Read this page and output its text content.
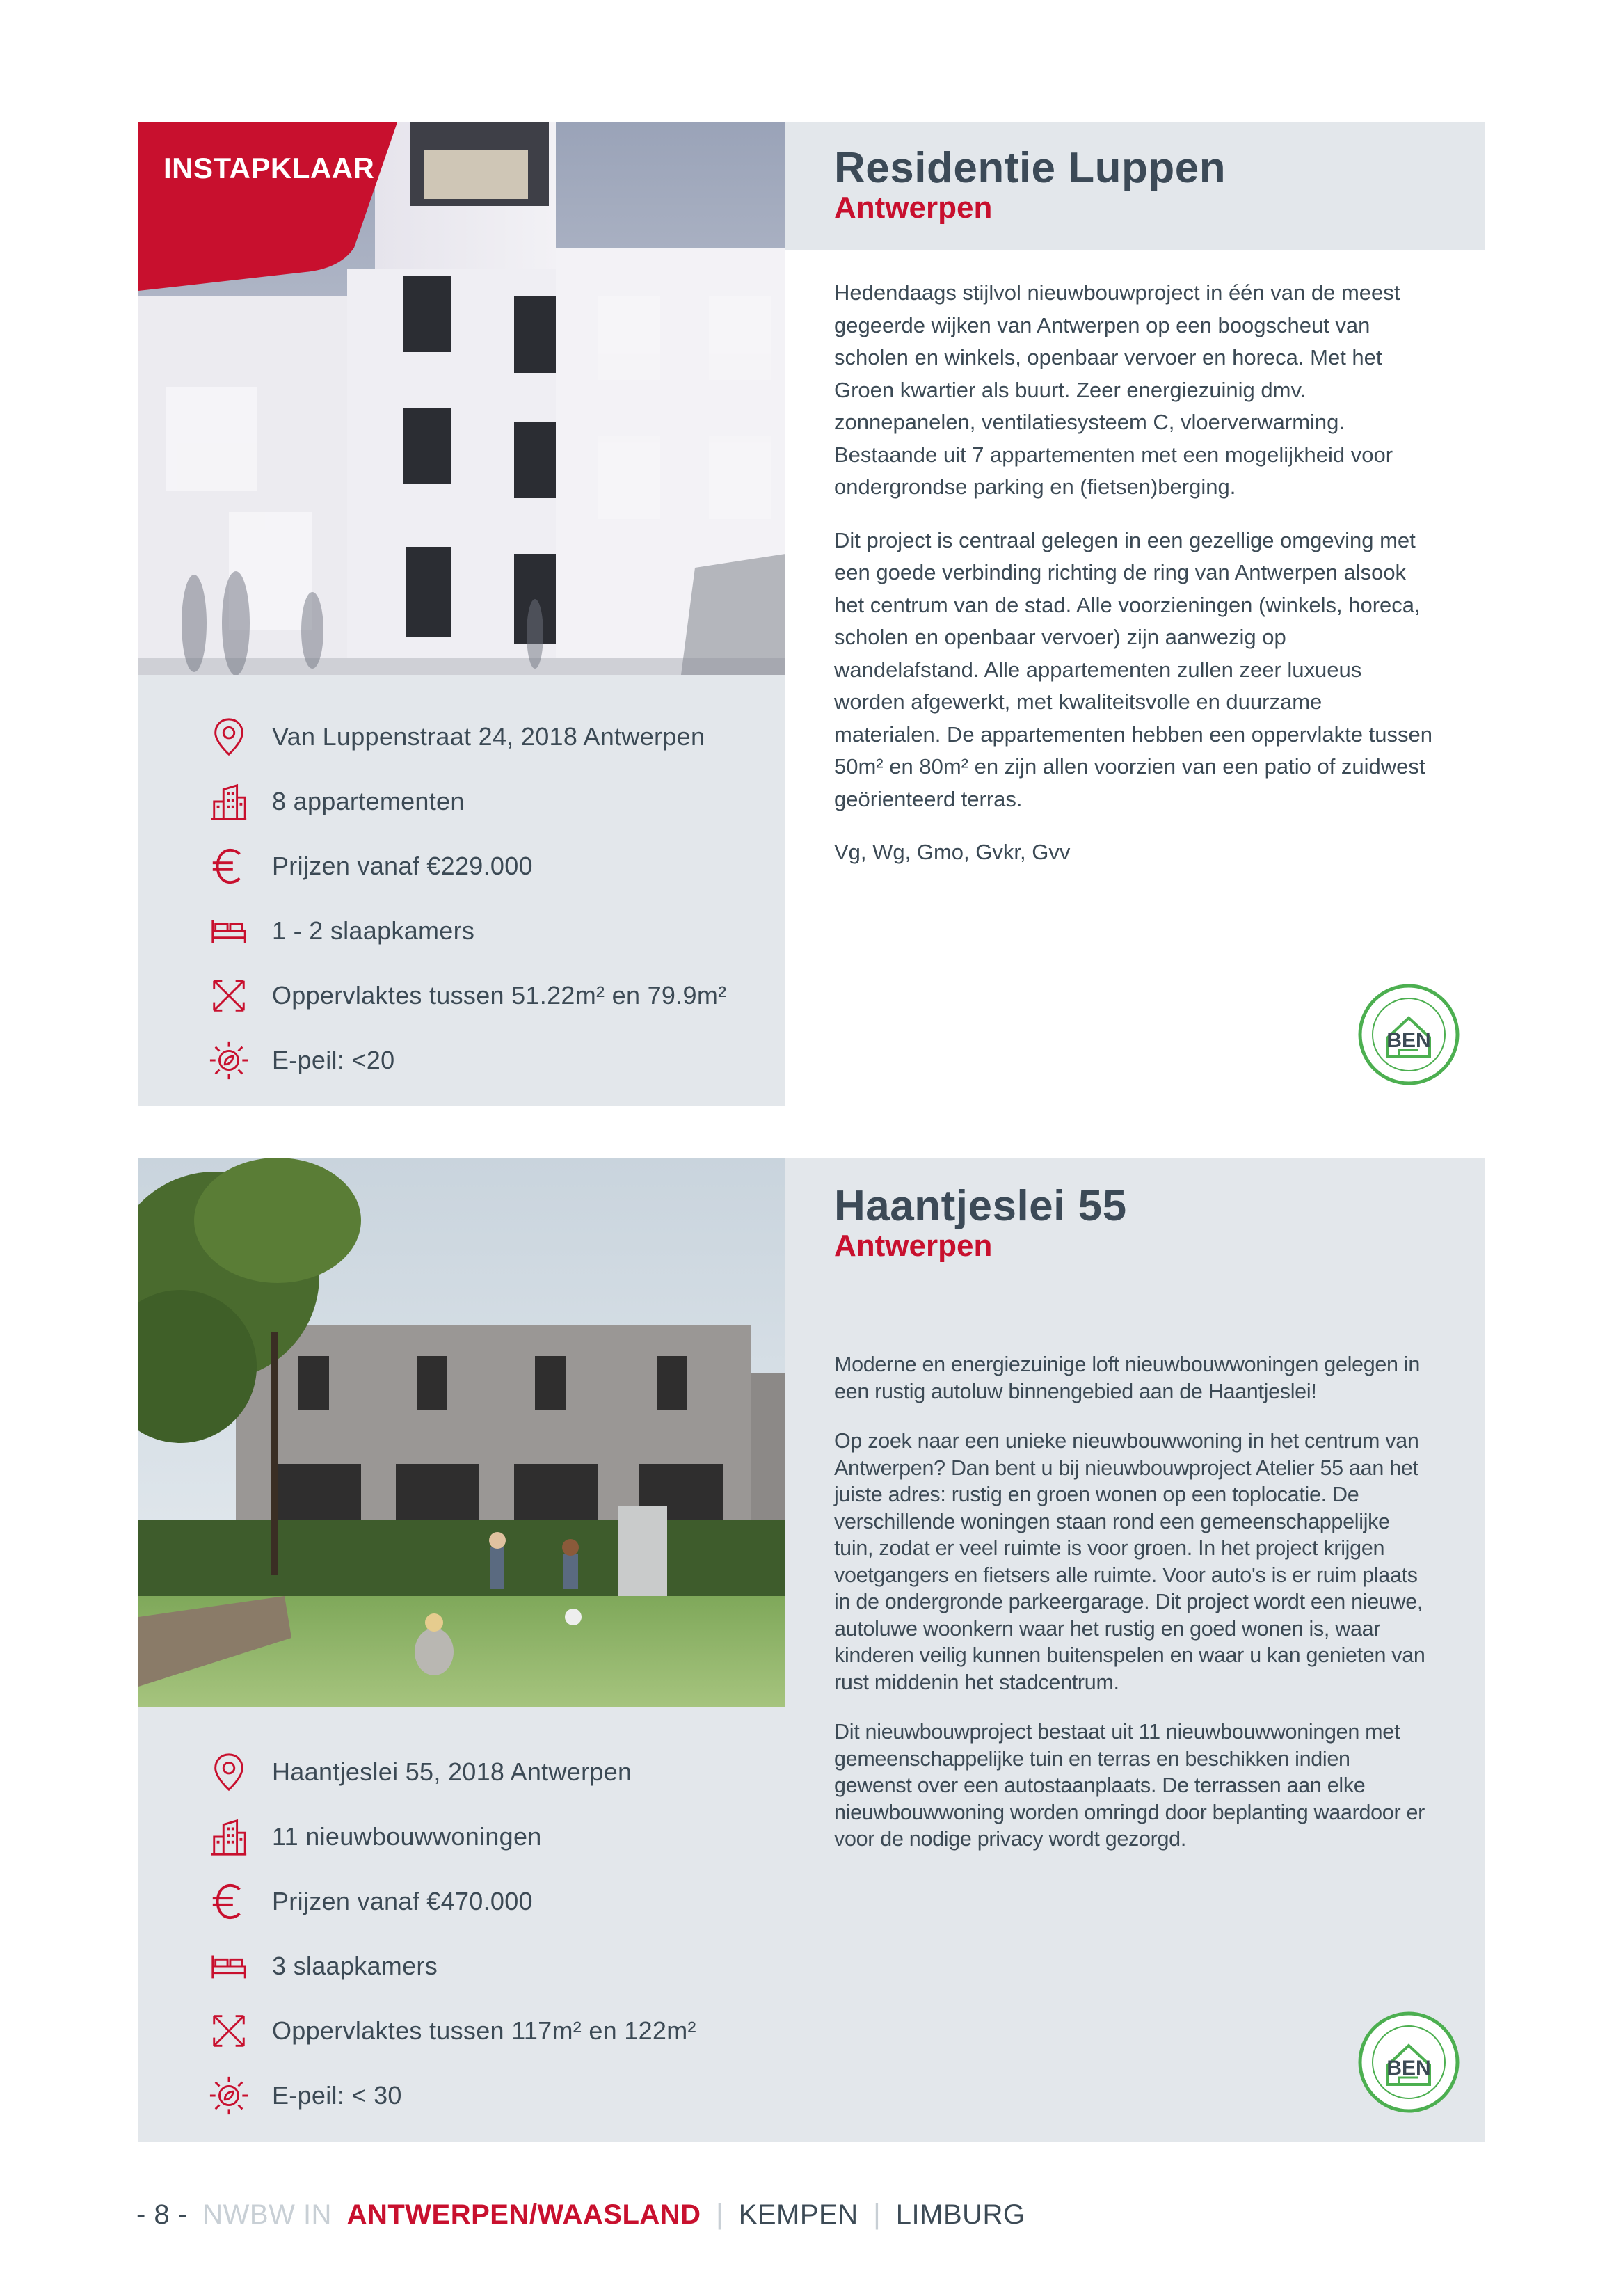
Residentie Luppen
Antwerpen

Hedendaags stijlvol nieuwbouwproject in één van de meest gegeerde wijken van Antwerpen op een boogscheut van scholen en winkels, openbaar vervoer en horeca. Met het Groen kwartier als buurt. Zeer energiezuinig dmv. zonnepanelen, ventilatiesysteem C, vloerverwarming. Bestaande uit 7 appartementen met een mogelijkheid voor ondergrondse parking en (fietsen)berging.

Dit project is centraal gelegen in een gezellige omgeving met een goede verbinding richting de ring van Antwerpen alsook het centrum van de stad. Alle voorzieningen (winkels, horeca, scholen en openbaar vervoer) zijn aanwezig op wandelafstand. Alle appartementen zullen zeer luxueus worden afgewerkt, met kwaliteitsvolle en duurzame materialen. De appartementen hebben een oppervlakte tussen 50m² en 80m² en zijn allen voorzien van een patio of zuidwest geörienteerd terras.

Vg, Wg, Gmo, Gvkr, Gvv

Van Luppenstraat 24, 2018 Antwerpen
8 appartementen
Prijzen vanaf €229.000
1 - 2 slaapkamers
Oppervlaktes tussen 51.22m² en 79.9m²
E-peil: <20
BEN
INSTAPKLAAR
Haantjeslei 55
Antwerpen

Moderne en energiezuinige loft nieuwbouwwoningen gelegen in een rustig autoluw binnengebied aan de Haantjeslei!

Op zoek naar een unieke nieuwbouwwoning in het centrum van Antwerpen? Dan bent u bij nieuwbouwproject Atelier 55 aan het juiste adres: rustig en groen wonen op een toplocatie. De verschillende woningen staan rond een gemeenschappelijke tuin, zodat er veel ruimte is voor groen. In het project krijgen voetgangers en fietsers alle ruimte. Voor auto's is er ruim plaats in de ondergronde parkeergarage. Dit project wordt een nieuwe, autoluwe woonkern waar het rustig en goed wonen is, waar kinderen veilig kunnen buitenspelen en waar u kan genieten van rust middenin het stadcentrum.

Dit nieuwbouwproject bestaat uit 11 nieuwbouwwoningen met gemeenschappelijke tuin en terras en beschikken indien gewenst over een autostaanplaats. De terrassen aan elke nieuwbouwwoning worden omringd door beplanting waardoor er voor de nodige privacy wordt gezorgd.

Haantjeslei 55, 2018 Antwerpen
11 nieuwbouwwoningen
Prijzen vanaf €470.000
3 slaapkamers
Oppervlaktes tussen 117m² en 122m²
E-peil: < 30
BEN
- 8 - NWBW IN ANTWERPEN/WAASLAND | KEMPEN | LIMBURG
